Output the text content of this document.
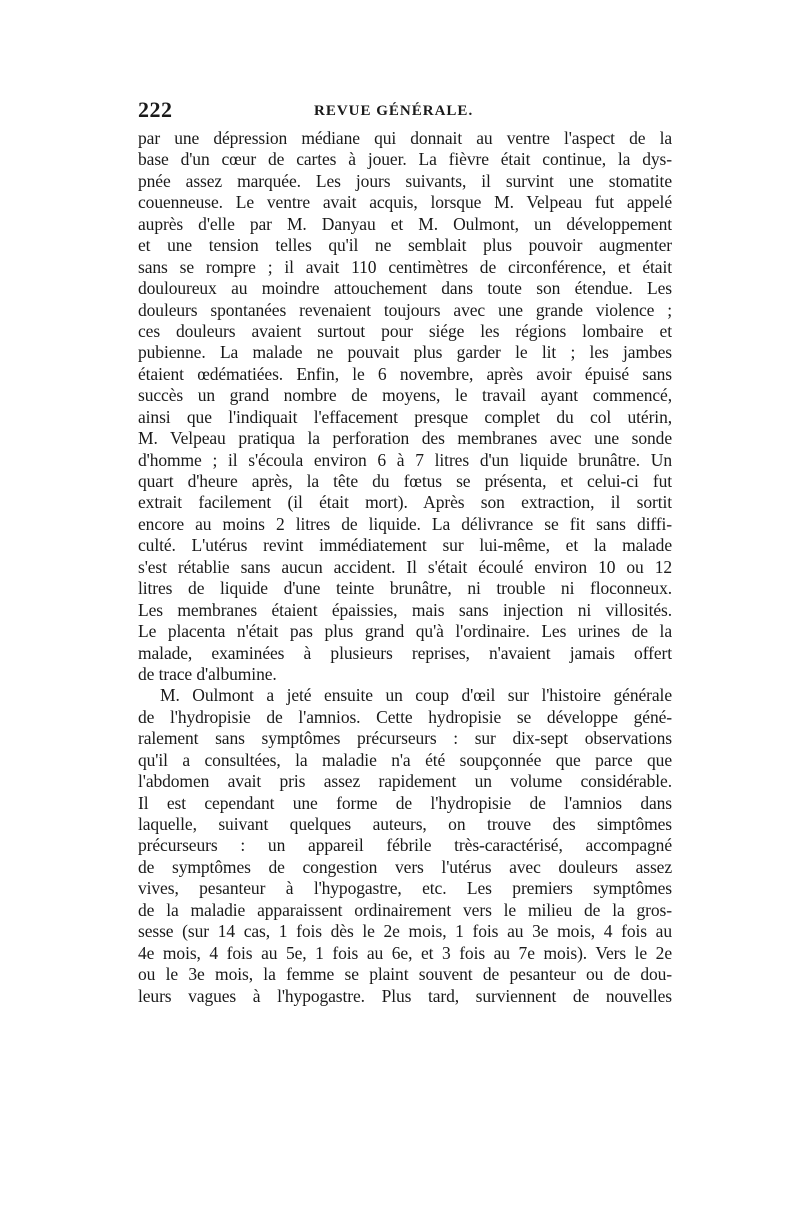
222	REVUE GÉNÉRALE.
par une dépression médiane qui donnait au ventre l'aspect de la
base d'un cœur de cartes à jouer. La fièvre était continue, la dys-
pnée assez marquée. Les jours suivants, il survint une stomatite
couenneuse. Le ventre avait acquis, lorsque M. Velpeau fut appelé
auprès d'elle par M. Danyau et M. Oulmont, un développement
et une tension telles qu'il ne semblait plus pouvoir augmenter
sans se rompre ; il avait 110 centimètres de circonférence, et était
douloureux au moindre attouchement dans toute son étendue. Les
douleurs spontanées revenaient toujours avec une grande violence ;
ces douleurs avaient surtout pour siége les régions lombaire et
pubienne. La malade ne pouvait plus garder le lit ; les jambes
étaient œdématiées. Enfin, le 6 novembre, après avoir épuisé sans
succès un grand nombre de moyens, le travail ayant commencé,
ainsi que l'indiquait l'effacement presque complet du col utérin,
M. Velpeau pratiqua la perforation des membranes avec une sonde
d'homme ; il s'écoula environ 6 à 7 litres d'un liquide brunâtre. Un
quart d'heure après, la tête du fœtus se présenta, et celui-ci fut
extrait facilement (il était mort). Après son extraction, il sortit
encore au moins 2 litres de liquide. La délivrance se fit sans diffi-
culté. L'utérus revint immédiatement sur lui-même, et la malade
s'est rétablie sans aucun accident. Il s'était écoulé environ 10 ou 12
litres de liquide d'une teinte brunâtre, ni trouble ni floconneux.
Les membranes étaient épaissies, mais sans injection ni villosités.
Le placenta n'était pas plus grand qu'à l'ordinaire. Les urines de la
malade, examinées à plusieurs reprises, n'avaient jamais offert
de trace d'albumine.
M. Oulmont a jeté ensuite un coup d'œil sur l'histoire générale
de l'hydropisie de l'amnios. Cette hydropisie se développe géné-
ralement sans symptômes précurseurs : sur dix-sept observations
qu'il a consultées, la maladie n'a été soupçonnée que parce que
l'abdomen avait pris assez rapidement un volume considérable.
Il est cependant une forme de l'hydropisie de l'amnios dans
laquelle, suivant quelques auteurs, on trouve des simptômes
précurseurs : un appareil fébrile très-caractérisé, accompagné
de symptômes de congestion vers l'utérus avec douleurs assez
vives, pesanteur à l'hypogastre, etc. Les premiers symptômes
de la maladie apparaissent ordinairement vers le milieu de la gros-
sesse (sur 14 cas, 1 fois dès le 2e mois, 1 fois au 3e mois, 4 fois au
4e mois, 4 fois au 5e, 1 fois au 6e, et 3 fois au 7e mois). Vers le 2e
ou le 3e mois, la femme se plaint souvent de pesanteur ou de dou-
leurs vagues à l'hypogastre. Plus tard, surviennent de nouvelles
